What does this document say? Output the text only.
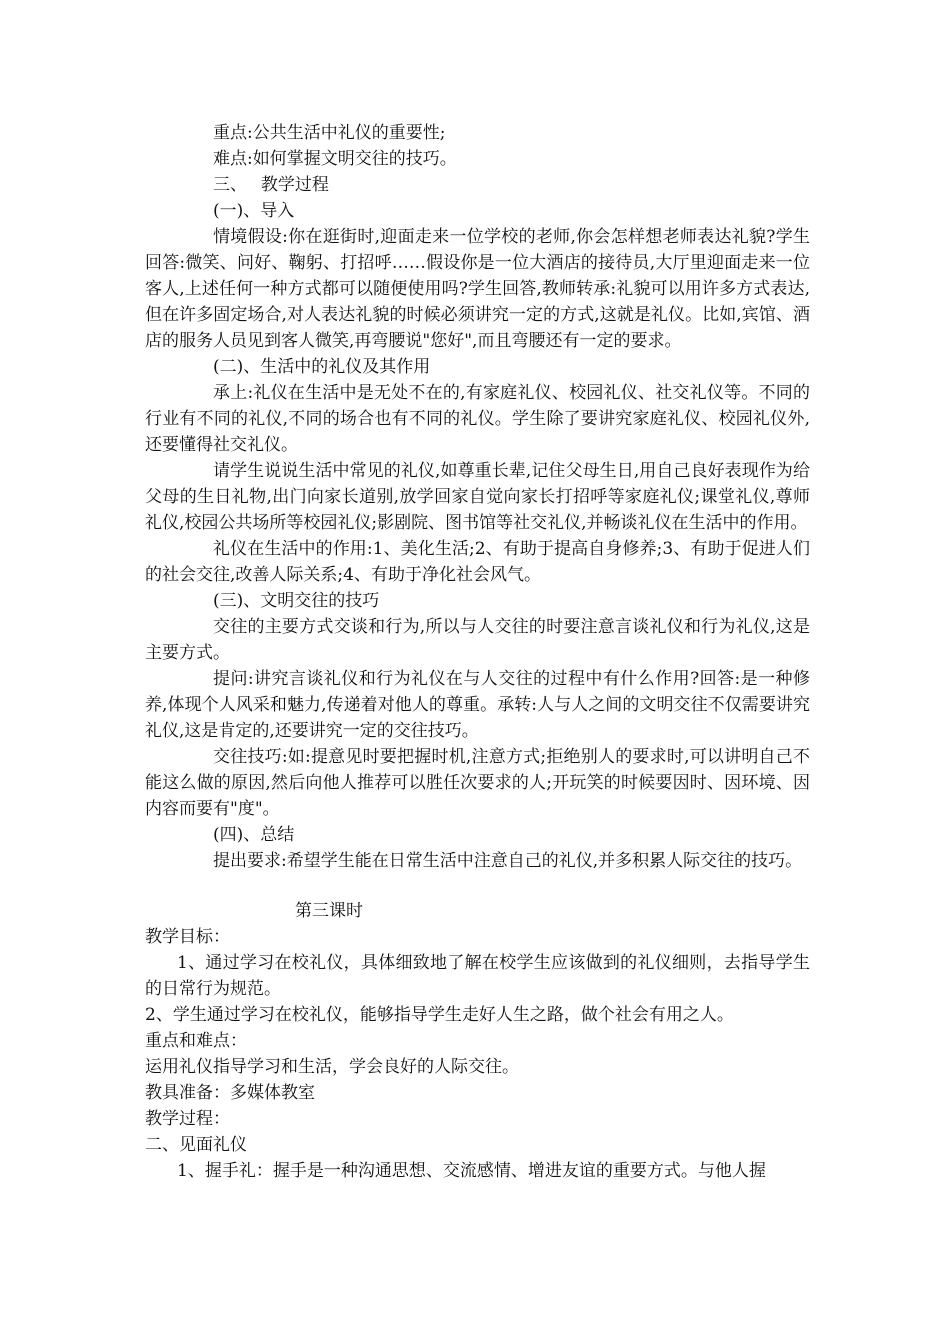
重点:公共生活中礼仪的重要性;

难点:如何掌握文明交往的技巧。

三、　 教学过程

(一)、导入

情境假设:你在逛街时,迎面走来一位学校的老师,你会怎样想老师表达礼貌?学生回答:微笑、问好、鞠躬、打招呼……假设你是一位大酒店的接待员,大厅里迎面走来一位客人,上述任何一种方式都可以随便使用吗?学生回答,教师转承:礼貌可以用许多方式表达,但在许多固定场合,对人表达礼貌的时候必须讲究一定的方式,这就是礼仪。比如,宾馆、酒店的服务人员见到客人微笑,再弯腰说"您好",而且弯腰还有一定的要求。

(二)、生活中的礼仪及其作用

承上:礼仪在生活中是无处不在的,有家庭礼仪、校园礼仪、社交礼仪等。不同的行业有不同的礼仪,不同的场合也有不同的礼仪。学生除了要讲究家庭礼仪、校园礼仪外,还要懂得社交礼仪。

请学生说说生活中常见的礼仪,如尊重长辈,记住父母生日,用自己良好表现作为给父母的生日礼物,出门向家长道别,放学回家自觉向家长打招呼等家庭礼仪;课堂礼仪,尊师礼仪,校园公共场所等校园礼仪;影剧院、图书馆等社交礼仪,并畅谈礼仪在生活中的作用。

礼仪在生活中的作用:1、美化生活;2、有助于提高自身修养;3、有助于促进人们的社会交往,改善人际关系;4、有助于净化社会风气。

(三)、文明交往的技巧

交往的主要方式交谈和行为,所以与人交往的时要注意言谈礼仪和行为礼仪,这是主要方式。

提问:讲究言谈礼仪和行为礼仪在与人交往的过程中有什么作用?回答:是一种修养,体现个人风采和魅力,传递着对他人的尊重。承转:人与人之间的文明交往不仅需要讲究礼仪,这是肯定的,还要讲究一定的交往技巧。

交往技巧:如:提意见时要把握时机,注意方式;拒绝别人的要求时,可以讲明自己不能这么做的原因,然后向他人推荐可以胜任次要求的人;开玩笑的时候要因时、因环境、因内容而要有"度"。

(四)、总结

提出要求:希望学生能在日常生活中注意自己的礼仪,并多积累人际交往的技巧。

第三课时

教学目标：

1、通过学习在校礼仪，具体细致地了解在校学生应该做到的礼仪细则，去指导学生的日常行为规范。

2、学生通过学习在校礼仪，能够指导学生走好人生之路，做个社会有用之人。

重点和难点：

运用礼仪指导学习和生活，学会良好的人际交往。

教具准备：多媒体教室

教学过程：

二、见面礼仪

1、握手礼：握手是一种沟通思想、交流感情、增进友谊的重要方式。与他人握
